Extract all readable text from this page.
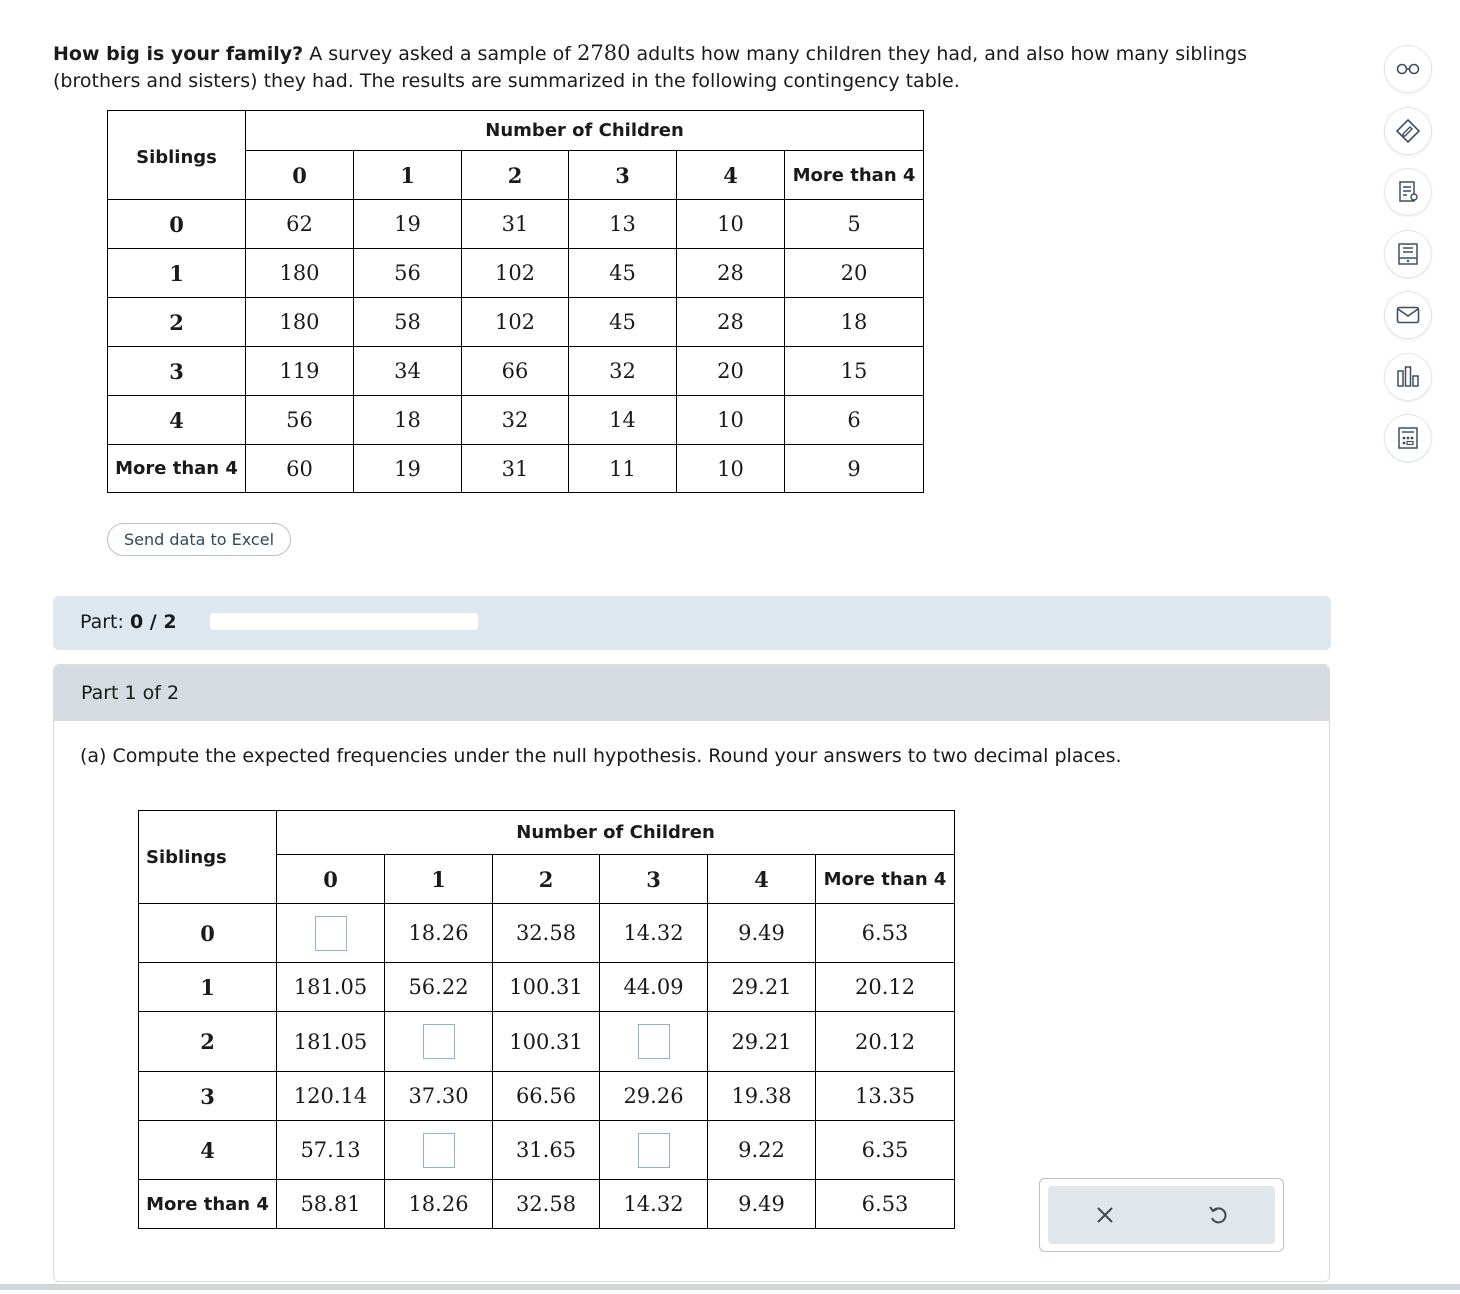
How big is your family? A survey asked a sample of 2780 adults how many children they had, and also how many siblings (brothers and sisters) they had. The results are summarized in the following contingency table.
Siblings	Number of Children					
	0	1	2	3	4	More than 4
0	62	19	31	13	10	5
1	180	56	102	45	28	20
2	180	58	102	45	28	18
3	119	34	66	32	20	15
4	56	18	32	14	10	6
More than 4	60	19	31	11	10	9
Send data to Excel
Part: 0 / 2
Part 1 of 2
(a) Compute the expected frequencies under the null hypothesis. Round your answers to two decimal places.
Siblings	Number of Children					
	0	1	2	3	4	More than 4
0		18.26	32.58	14.32	9.49	6.53
1	181.05	56.22	100.31	44.09	29.21	20.12
2	181.05		100.31		29.21	20.12
3	120.14	37.30	66.56	29.26	19.38	13.35
4	57.13		31.65		9.22	6.35
More than 4	58.81	18.26	32.58	14.32	9.49	6.53
